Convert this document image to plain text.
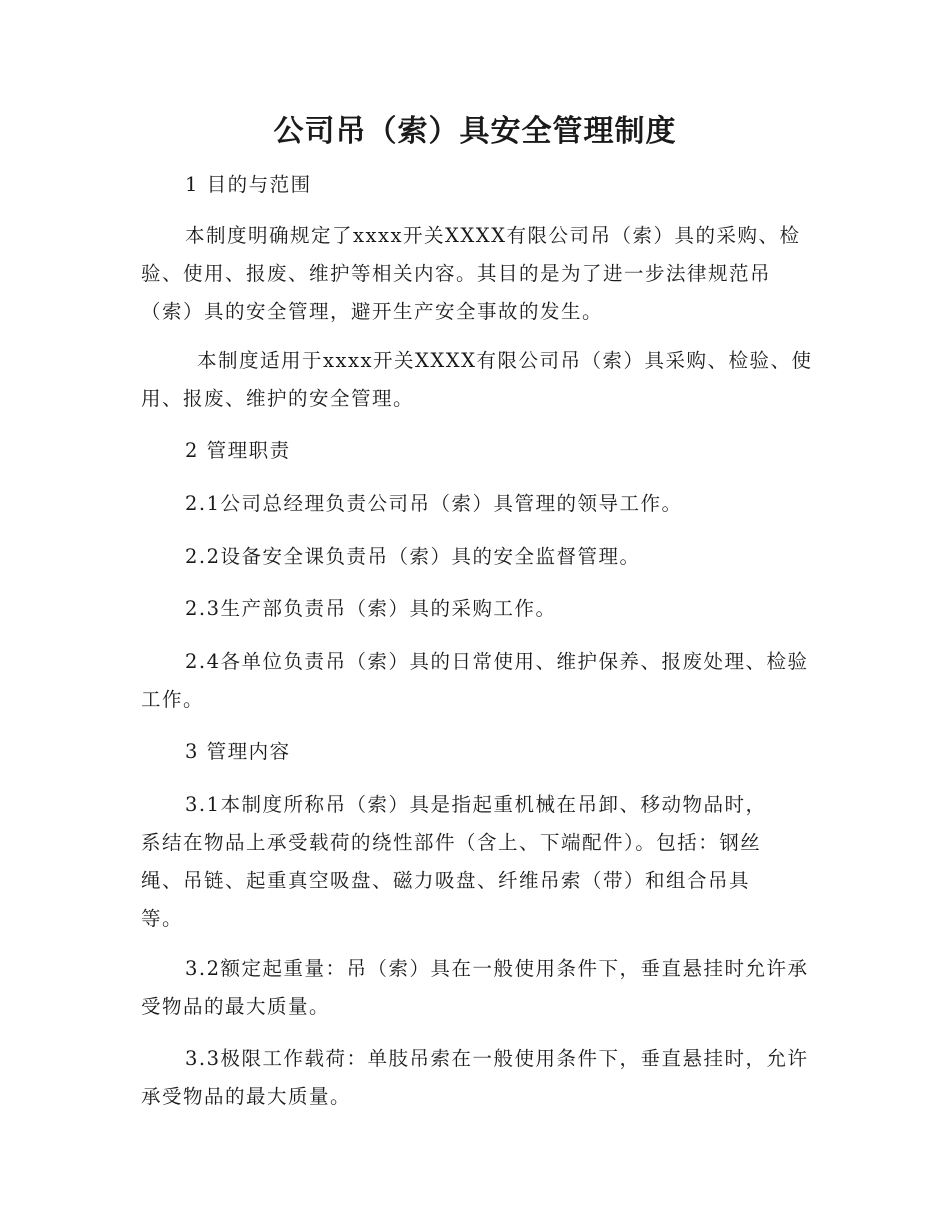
公司吊（索）具安全管理制度

1 目的与范围

本制度明确规定了xxxx开关XXXX有限公司吊（索）具的采购、检验、使用、报废、维护等相关内容。其目的是为了进一步法律规范吊（索）具的安全管理，避开生产安全事故的发生。

本制度适用于xxxx开关XXXX有限公司吊（索）具采购、检验、使用、报废、维护的安全管理。

2 管理职责

2.1公司总经理负责公司吊（索）具管理的领导工作。

2.2设备安全课负责吊（索）具的安全监督管理。

2.3生产部负责吊（索）具的采购工作。

2.4各单位负责吊（索）具的日常使用、维护保养、报废处理、检验工作。

3 管理内容

3.1本制度所称吊（索）具是指起重机械在吊卸、移动物品时，系结在物品上承受载荷的绕性部件（含上、下端配件）。包括：钢丝绳、吊链、起重真空吸盘、磁力吸盘、纤维吊索（带）和组合吊具等。

3.2额定起重量：吊（索）具在一般使用条件下，垂直悬挂时允许承受物品的最大质量。

3.3极限工作载荷：单肢吊索在一般使用条件下，垂直悬挂时，允许承受物品的最大质量。
